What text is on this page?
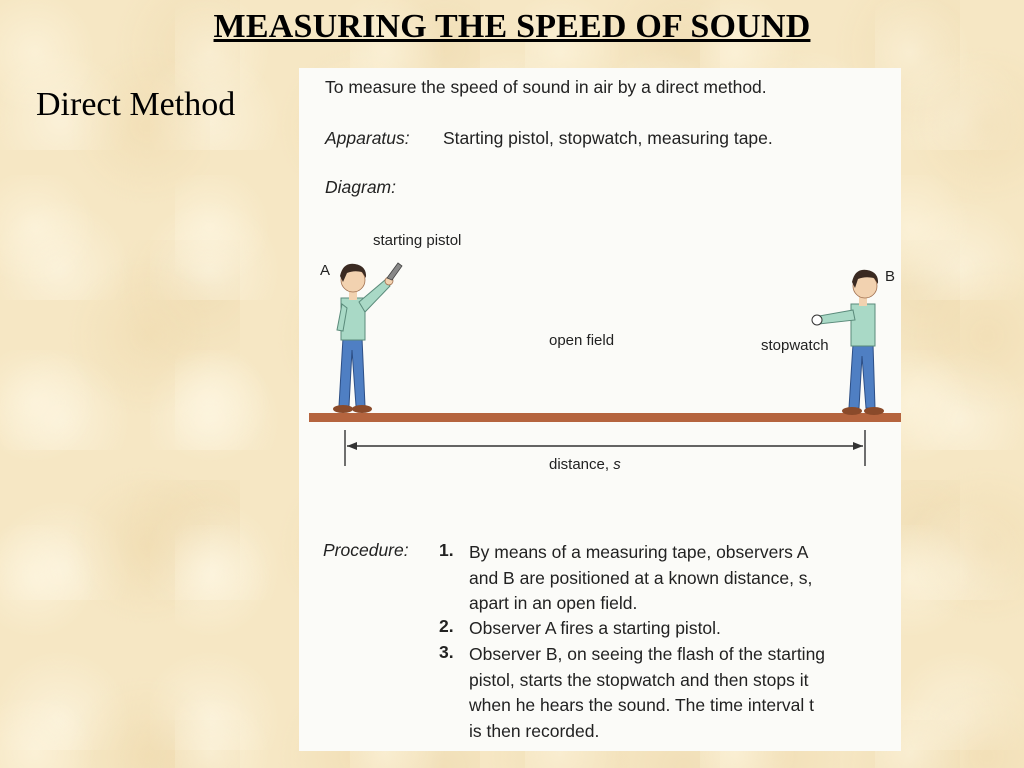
MEASURING THE SPEED OF SOUND
Direct Method	To measure the speed of sound in air by a direct method.
Apparatus: Starting pistol, stopwatch, measuring tape.
Diagram:
starting pistol
A	B
open field	stopwatch
distance, s
Procedure: 1. By means of a measuring tape, observers A
and B are positioned at a known distance, s,
apart in an open field.
2. Observer A fires a starting pistol.
3. Observer B, on seeing the flash of the starting
pistol, starts the stopwatch and then stops it
when he hears the sound. The time interval t
is then recorded.
